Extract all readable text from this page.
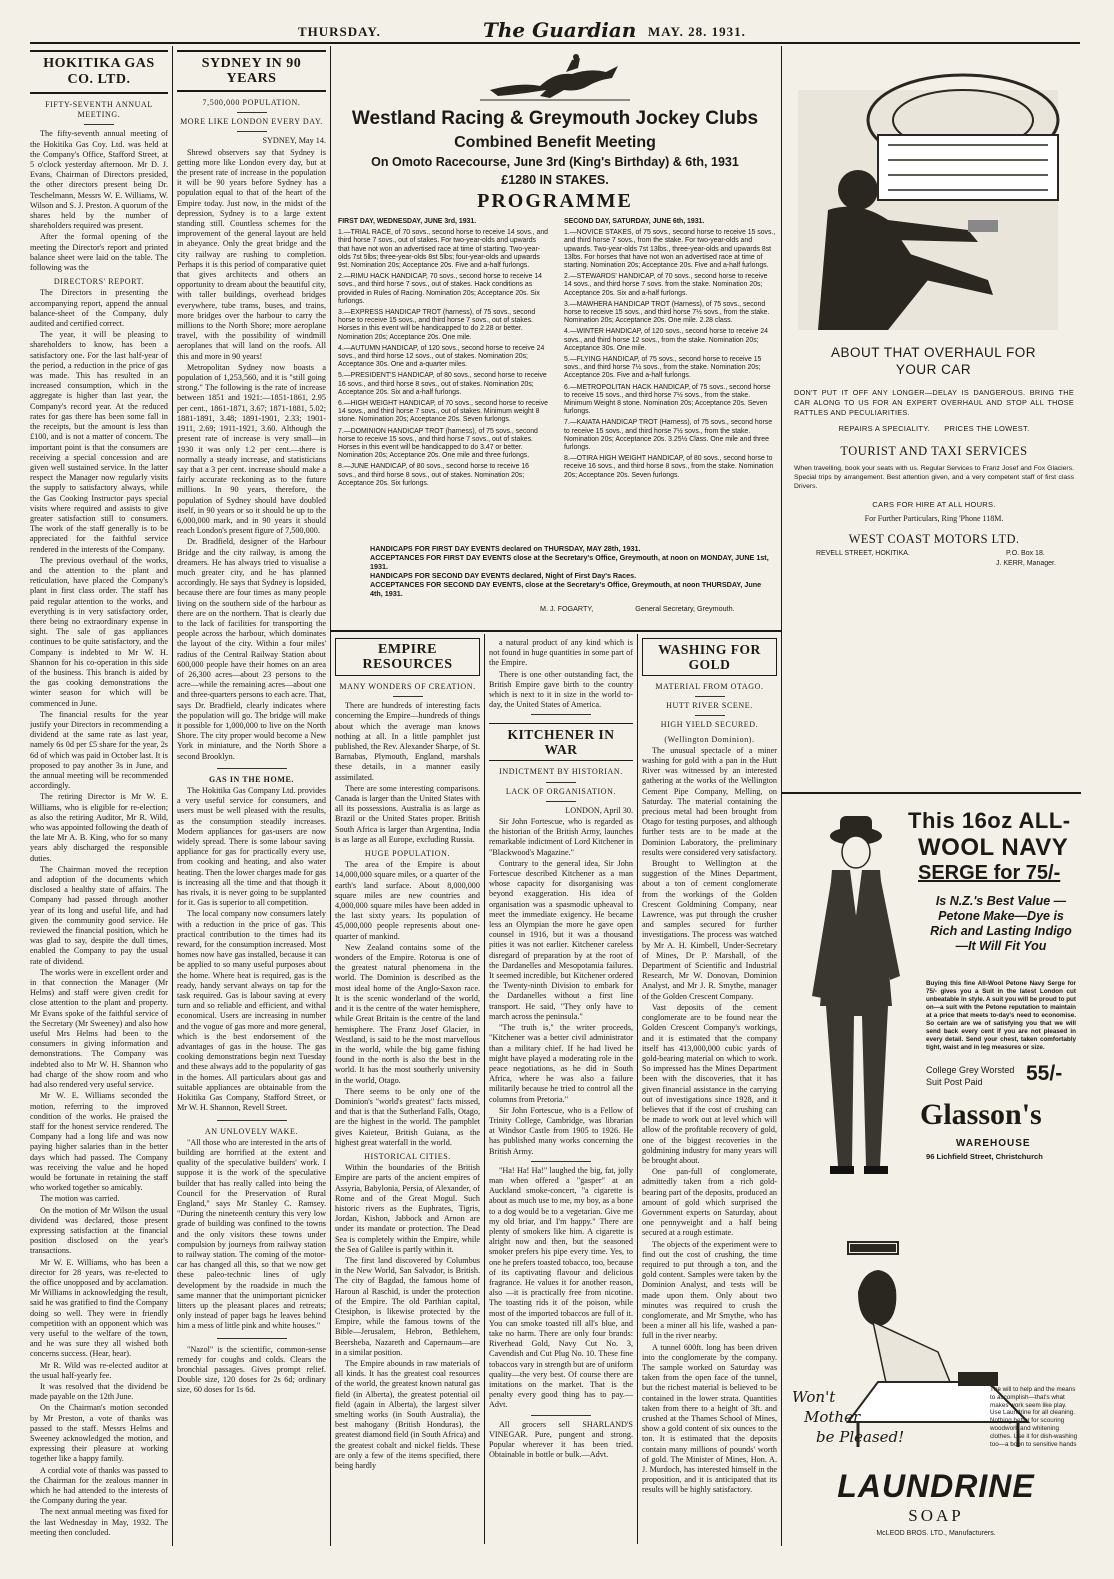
THURSDAY.	The Guardian MAY. 28. 1931.
HOKITIKA GAS CO. LTD.

FIFTY-SEVENTH ANNUAL MEETING.

The fifty-seventh annual meeting of the Hokitika Gas Coy. Ltd. was held at the Company's Office, Stafford Street, at 5 o'clock yesterday afternoon. Mr D. J. Evans, Chairman of Directors presided, the other directors present being Dr. Teschelmann, Messrs W. E. Williams, W. Wilson and S. J. Preston. A quorum of the shares held by the number of shareholders required was present.

After the formal opening of the meeting the Director's report and printed balance sheet were laid on the table. The following was the

DIRECTORS' REPORT.

The Directors in presenting the accompanying report, append the annual balance-sheet of the Company, duly audited and certified correct.

The year, it will be pleasing to shareholders to know, has been a satisfactory one. For the last half-year of the period, a reduction in the price of gas was made. This has resulted in an increased consumption, which in the aggregate is higher than last year, the Company's record year. At the reduced rates for gas there has been some fall in the receipts, but the amount is less than £100, and is not a matter of concern. The important point is that the consumers are receiving a special concession and are given well sustained service. In the latter respect the Manager now regularly visits the supply to satisfactory always, while the Gas Cooking Instructor pays special visits where required and assists to give greater satisfaction still to consumers. The work of the staff generally is to be appreciated for the faithful service rendered in the interests of the Company.

The previous overhaul of the works, and the attention to the plant and reticulation, have placed the Company's plant in first class order. The staff has paid regular attention to the works, and everything is in very satisfactory order, there being no extraordinary expense in sight. The sale of gas appliances continues to be quite satisfactory, and the Company is indebted to Mr W. H. Shannon for his co-operation in this side of the business. This branch is aided by the gas cooking demonstrations the winter season for which will be commenced in June.

The financial results for the year justify your Directors in recommending a dividend at the same rate as last year, namely 6s 0d per £5 share for the year, 2s 6d of which was paid in October last. It is proposed to pay another 3s in June, and the annual meeting will be recommended accordingly.

The retiring Director is Mr W. E. Williams, who is eligible for re-election; as also the retiring Auditor, Mr R. Wild, who was appointed following the death of the late Mr A. B. King, who for so many years ably discharged the responsible duties.

The Chairman moved the reception and adoption of the documents which disclosed a healthy state of affairs. The Company had passed through another year of its long and useful life, and had given the community good service. He reviewed the financial position, which he was glad to say, despite the dull times, enabled the Company to pay the usual rate of dividend.

The works were in excellent order and in that connection the Manager (Mr Helms) and staff were given credit for close attention to the plant and property. Mr Evans spoke of the faithful service of the Secretary (Mr Sweeney) and also how useful Mrs Helms had been to the consumers in giving information and demonstrations. The Company was indebted also to Mr W. H. Shannon who had charge of the show room and who had also rendered very useful service.

Mr W. E. Williams seconded the motion, referring to the improved condition of the works. He praised the staff for the honest service rendered. The Company had a long life and was now paying higher salaries than in the better days which had passed. The Company was receiving the value and he hoped would be fortunate in retaining the staff who worked together so amicably.

The motion was carried.

On the motion of Mr Wilson the usual dividend was declared, those present expressing satisfaction at the financial position disclosed on the year's transactions.

Mr W. E. Williams, who has been a director for 28 years, was re-elected to the office unopposed and by acclamation. Mr Williams in acknowledging the result, said he was gratified to find the Company doing so well. They were in friendly competition with an opponent which was very useful to the welfare of the town, and he was sure they all wished both concerns success. (Hear, hear).

Mr R. Wild was re-elected auditor at the usual half-yearly fee.

It was resolved that the dividend be made payable on the 12th June.

On the Chairman's motion seconded by Mr Preston, a vote of thanks was passed to the staff. Messrs Helms and Sweeney acknowledged the motion, and expressing their pleasure at working together like a happy family.

A cordial vote of thanks was passed to the Chairman for the zealous manner in which he had attended to the interests of the Company during the year.

The next annual meeting was fixed for the last Wednesday in May, 1932. The meeting then concluded.

SYDNEY IN 90 YEARS

7,500,000 POPULATION.

MORE LIKE LONDON EVERY DAY.

SYDNEY, May 14.

Shrewd observers say that Sydney is getting more like London every day, but at the present rate of increase in the population it will be 90 years before Sydney has a population equal to that of the heart of the Empire today. Just now, in the midst of the depression, Sydney is to a large extent standing still. Countless schemes for the improvement of the general layout are held in abeyance. Only the great bridge and the city railway are rushing to completion. Perhaps it is this period of comparative quiet that gives architects and others an opportunity to dream about the beautiful city, with taller buildings, overhead bridges everywhere, tube trams, buses, and trains, more bridges over the harbour to carry the millions to the North Shore; more aeroplane travel, with the possibility of windmill aeroplanes that will land on the roofs. All this and more in 90 years!

Metropolitan Sydney now boasts a population of 1,253,560, and it is "still going strong." The following is the rate of increase between 1851 and 1921:—1851-1861, 2.95 per cent., 1861-1871, 3.67; 1871-1881, 5.02; 1881-1891, 3.48; 1891-1901, 2.33; 1901-1911, 2.69; 1911-1921, 3.60. Although the present rate of increase is very small—in 1930 it was only 1.2 per cent.—there is normally a steady increase, and statisticians say that a 3 per cent. increase should make a fairly accurate reckoning as to the future millions. In 90 years, therefore, the population of Sydney should have doubled itself, in 90 years or so it should be up to the 6,000,000 mark, and in 90 years it should reach London's present figure of 7,500,000.

Dr. Bradfield, designer of the Harbour Bridge and the city railway, is among the dreamers. He has always tried to visualise a much greater city, and he has planned accordingly. He says that Sydney is lopsided, because there are four times as many people living on the southern side of the harbour as there are on the northern. That is clearly due to the lack of facilities for transporting the people across the harbour, which dominates the layout of the city. Within a four miles' radius of the Central Railway Station about 600,000 people have their homes on an area of 26,300 acres—about 23 persons to the acre—while the remaining acres—about one and three-quarters persons to each acre. That, says Dr. Bradfield, clearly indicates where the population will go. The bridge will make it possible for 1,000,000 to live on the North Shore. The city proper would become a New York in miniature, and the North Shore a second Brooklyn.

GAS IN THE HOME.

The Hokitika Gas Company Ltd. provides a very useful service for consumers, and users must be well pleased with the results, as the consumption steadily increases. Modern appliances for gas-users are now widely spread. There is some labour saving appliance for gas for practically every use, from cooking and heating, and also water heating. Then the lower charges made for gas is increasing all the time and that though it has rivals, it is never going to be supplanted for it. Gas is superior to all competition.

The local company now consumers lately with a reduction in the price of gas. This practical contribution to the times had its reward, for the consumption increased. Most homes now have gas installed, because it can be applied to so many useful purposes about the home. Where heat is required, gas is the ready, handy servant always on tap for the task required. Gas is labour saving at every turn and so reliable and efficient, and withal economical. Users are increasing in number and the vogue of gas more and more general, which is the best endorsement of the advantages of gas in the house. The gas cooking demonstrations begin next Tuesday and these always add to the popularity of gas in the homes. All particulars about gas and suitable appliances are obtainable from the Hokitika Gas Company, Stafford Street, or Mr W. H. Shannon, Revell Street.

AN UNLOVELY WAKE.

"All those who are interested in the arts of building are horrified at the extent and quality of the speculative builders' work. I suppose it is the work of the speculative builder that has really called into being the Council for the Preservation of Rural England," says Mr Stanley C. Ramsey. "During the nineteenth century this very low grade of building was confined to the towns and the only visitors these towns under compulsion by journeys from railway station to railway station. The coming of the motor-car has changed all this, so that we now get these paleo-technic lines of ugly development by the roadside in much the same manner that the unimportant picnicker litters up the pleasant places and retreats; only instead of paper bags he leaves behind him a mess of little pink and white houses."

"Nazol" is the scientific, common-sense remedy for coughs and colds. Clears the bronchial passages. Gives prompt relief. Double size, 120 doses for 2s 6d; ordinary size, 60 doses for 1s 6d.

Westland Racing & Greymouth Jockey Clubs
Combined Benefit Meeting
On Omoto Racecourse, June 3rd (King's Birthday) & 6th, 1931
£1280 IN STAKES.
PROGRAMME
FIRST DAY, WEDNESDAY, JUNE 3rd, 1931.
1.—TRIAL RACE, of 70 sovs., second horse to receive 14 sovs., and third horse 7 sovs., out of stakes. For two-year-olds and upwards that have not won an advertised race at time of starting. Two-year-olds 7st 5lbs; three-year-olds 8st 5lbs; four-year-olds and upwards 9st. Nomination 20s; Acceptance 20s. Five and a-half furlongs.
2.—RIMU HACK HANDICAP, 70 sovs., second horse to receive 14 sovs., and third horse 7 sovs., out of stakes. Hack conditions as provided in Rules of Racing. Nomination 20s; Acceptance 20s. Six furlongs.
3.—EXPRESS HANDICAP TROT (harness), of 75 sovs., second horse to receive 15 sovs., and third horse 7 sovs., out of stakes. Horses in this event will be handicapped to do 2.28 or better. Nomination 20s; Acceptance 20s. One mile.
4.—AUTUMN HANDICAP, of 120 sovs., second horse to receive 24 sovs., and third horse 12 sovs., out of stakes. Nomination 20s; Acceptance 30s. One and a-quarter miles.
5.—PRESIDENT'S HANDICAP, of 80 sovs., second horse to receive 16 sovs., and third horse 8 sovs., out of stakes. Nomination 20s; Acceptance 20s. Six and a-half furlongs.
6.—HIGH WEIGHT HANDICAP, of 70 sovs., second horse to receive 14 sovs., and third horse 7 sovs., out of stakes. Minimum weight 8 stone. Nomination 20s; Acceptance 20s. Seven furlongs.
7.—DOMINION HANDICAP TROT (harness), of 75 sovs., second horse to receive 15 sovs., and third horse 7 sovs., out of stakes. Horses in this event will be handicapped to do 3.47 or better. Nomination 20s; Acceptance 20s. One mile and three furlongs.
8.—JUNE HANDICAP, of 80 sovs., second horse to receive 16 sovs., and third horse 8 sovs., out of stakes. Nomination 20s; Acceptance 20s. Six furlongs.
SECOND DAY, SATURDAY, JUNE 6th, 1931.
1.—NOVICE STAKES, of 75 sovs., second horse to receive 15 sovs., and third horse 7 sovs., from the stake. For two-year-olds and upwards. Two-year-olds 7st 13lbs., three-year-olds and upwards 8st 13lbs. For horses that have not won an advertised race at time of starting. Nomination 20s; Acceptance 20s. Five and a-half furlongs.
2.—STEWARDS' HANDICAP, of 70 sovs., second horse to receive 14 sovs., and third horse 7 sovs. from the stake. Nomination 20s; Acceptance 20s. Six and a-half furlongs.
3.—MAWHERA HANDICAP TROT (Harness), of 75 sovs., second horse to receive 15 sovs., and third horse 7½ sovs., from the stake. Nomination 20s; Acceptance 20s. One mile. 2.28 class.
4.—WINTER HANDICAP, of 120 sovs., second horse to receive 24 sovs., and third horse 12 sovs., from the stake. Nomination 20s; Acceptance 30s. One mile.
5.—FLYING HANDICAP, of 75 sovs., second horse to receive 15 sovs., and third horse 7½ sovs., from the stake. Nomination 20s; Acceptance 20s. Five and a-half furlongs.
6.—METROPOLITAN HACK HANDICAP, of 75 sovs., second horse to receive 15 sovs., and third horse 7½ sovs., from the stake. Minimum Weight 8 stone. Nomination 20s; Acceptance 20s. Seven furlongs.
7.—KAIATA HANDICAP TROT (Harness), of 75 sovs., second horse to receive 15 sovs., and third horse 7½ sovs., from the stake. Nomination 20s; Acceptance 20s. 3.25½ Class. One mile and three furlongs.
8.—OTIRA HIGH WEIGHT HANDICAP, of 80 sovs., second horse to receive 16 sovs., and third horse 8 sovs., from the stake. Nomination 20s; Acceptance 20s. Seven furlongs.
HANDICAPS FOR FIRST DAY EVENTS declared on THURSDAY, MAY 28th, 1931.
ACCEPTANCES FOR FIRST DAY EVENTS close at the Secretary's Office, Greymouth, at noon on MONDAY, JUNE 1st, 1931.
HANDICAPS FOR SECOND DAY EVENTS declared, Night of First Day's Races.
ACCEPTANCES FOR SECOND DAY EVENTS, close at the Secretary's Office, Greymouth, at noon THURSDAY, June 4th, 1931.
M. J. FOGARTY,	General Secretary, Greymouth.
EMPIRE RESOURCES

MANY WONDERS OF CREATION.

There are hundreds of interesting facts concerning the Empire—hundreds of things about which the average man knows nothing at all. In a little pamphlet just published, the Rev. Alexander Sharpe, of St. Barnabas, Plymouth, England, marshals these details, in a manner easily assimilated.

There are some interesting comparisons. Canada is larger than the United States with all its possessions. Australia is as large as Brazil or the United States proper. British South Africa is larger than Argentina, India is as large as all Europe, excluding Russia.

HUGE POPULATION.

The area of the Empire is about 14,000,000 square miles, or a quarter of the earth's land surface. About 8,000,000 square miles are new countries and 4,000,000 square miles have been added in the last sixty years. Its population of 45,000,000 people represents about one-quarter of mankind.

New Zealand contains some of the wonders of the Empire. Rotorua is one of the greatest natural phenomena in the world. The Dominion is described as the most ideal home of the Anglo-Saxon race. It is the scenic wonderland of the world, and it is the centre of the water hemisphere, while Great Britain is the centre of the land hemisphere. The Franz Josef Glacier, in Westland, is said to be the most marvellous in the world, while the big game fishing found in the north is also the best in the world. It has the most southerly university in the world, Otago.

There seems to be only one of the Dominion's "world's greatest" facts missed, and that is that the Sutherland Falls, Otago, are the highest in the world. The pamphlet gives Kaieteur, British Guiana, as the highest great waterfall in the world.

HISTORICAL CITIES.

Within the boundaries of the British Empire are parts of the ancient empires of Assyria, Babylonia, Persia, of Alexander, of Rome and of the Great Mogul. Such historic rivers as the Euphrates, Tigris, Jordan, Kishon, Jabbock and Arnon are under its mandate or protection. The Dead Sea is completely within the Empire, while the Sea of Galilee is partly within it.

The first land discovered by Columbus in the New World, San Salvador, is British. The city of Bagdad, the famous home of Haroun al Raschid, is under the protection of the Empire. The old Parthian capital, Ctesiphon, is likewise protected by the Empire, while the famous towns of the Bible—Jerusalem, Hebron, Bethlehem, Beersheba, Nazareth and Capernaum—are in a similar position.

The Empire abounds in raw materials of all kinds. It has the greatest coal resources of the world, the greatest known natural gas field (in Alberta), the greatest potential oil field (again in Alberta), the largest silver smelting works (in South Australia), the best mahogany (British Honduras), the greatest diamond field (in South Africa) and the greatest cobalt and nickel fields. These are only a few of the items specified, there being hardly

a natural product of any kind which is not found in huge quantities in some part of the Empire.

There is one other outstanding fact, the British Empire gave birth to the country which is next to it in size in the world to-day, the United States of America.

KITCHENER IN WAR

INDICTMENT BY HISTORIAN.

LACK OF ORGANISATION.

LONDON, April 30.

Sir John Fortescue, who is regarded as the historian of the British Army, launches remarkable indictment of Lord Kitchener in "Blackwood's Magazine."

Contrary to the general idea, Sir John Fortescue described Kitchener as a man whose capacity for disorganising was beyond exaggeration. His idea of organisation was a spasmodic upheaval to meet the immediate exigency. He became less an Olympian the more he gave open counsel in 1916, but it was a thousand pities it was not earlier. Kitchener careless disregard of preparation by at the root of the Dardanelles and Mesopotamia failures. It seemed incredible, but Kitchener ordered the Twenty-ninth Division to embark for the Dardanelles without a first line transport. He said, "They only have to march across the peninsula."

"The truth is," the writer proceeds, "Kitchener was a better civil administrator than a military chief. If he had lived he might have played a moderating role in the peace negotiations, as he did in South Africa, where he was also a failure militarily because he tried to control all the columns from Pretoria."

Sir John Fortescue, who is a Fellow of Trinity College, Cambridge, was librarian at Windsor Castle from 1905 to 1926. He has published many works concerning the British Army.

"Ha! Ha! Ha!" laughed the big, fat, jolly man when offered a "gasper" at an Auckland smoke-concert, "a cigarette is about as much use to me, my boy, as a bone to a dog would be to a vegetarian. Give me my old briar, and I'm happy." There are plenty of smokers like him. A cigarette is alright now and then, but the seasoned smoker prefers his pipe every time. Yes, to one he prefers toasted tobacco, too, because of its captivating flavour and delicious fragrance. He values it for another reason, also —it is practically free from nicotine. The toasting rids it of the poison, while most of the imported tobaccos are full of it. You can smoke toasted till all's blue, and take no harm. There are only four brands: Riverhead Gold, Navy Cut No. 3, Cavendish and Cut Plug No. 10. These fine tobaccos vary in strength but are of uniform quality—the very best. Of course there are imitations on the market. That is the penalty every good thing has to pay.—Advt.

All grocers sell SHARLAND'S VINEGAR. Pure, pungent and strong. Popular wherever it has been tried. Obtainable in bottle or bulk.—Advt.

WASHING FOR GOLD

MATERIAL FROM OTAGO.

HUTT RIVER SCENE.

HIGH YIELD SECURED.

(Wellington Dominion).

The unusual spectacle of a miner washing for gold with a pan in the Hutt River was witnessed by an interested gathering at the works of the Wellington Cement Pipe Company, Melling, on Saturday. The material containing the precious metal had been brought from Otago for testing purposes, and although further tests are to be made at the Dominion Laboratory, the preliminary results were considered very satisfactory.

Brought to Wellington at the suggestion of the Mines Department, about a ton of cement conglomerate from the workings of the Golden Crescent Goldmining Company, near Lawrence, was put through the crusher and samples secured for further investigations. The process was watched by Mr A. H. Kimbell, Under-Secretary of Mines, Dr P. Marshall, of the Department of Scientific and Industrial Research, Mr W. Donovan, Dominion Analyst, and Mr J. R. Smythe, manager of the Golden Crescent Company.

Vast deposits of the cement conglomerate are to be found near the Golden Crescent Company's workings, and it is estimated that the company itself has 413,000,000 cubic yards of gold-bearing material on which to work. So impressed has the Mines Department been with the discoveries, that it has given financial assistance in the carrying out of investigations since 1928, and it believes that if the cost of crushing can be made to work out at level which will allow of the profitable recovery of gold, one of the biggest recoveries in the goldmining industry for many years will be brought about.

One pan-full of conglomerate, admittedly taken from a rich gold-bearing part of the deposits, produced an amount of gold which surprised the Government experts on Saturday, about one pennyweight and a half being secured at a rough estimate.

The objects of the experiment were to find out the cost of crushing, the time required to put through a ton, and the gold content. Samples were taken by the Dominion Analyst, and tests will be made upon them. Only about two minutes was required to crush the conglomerate, and Mr Smythe, who has been a miner all his life, washed a pan-full in the river nearby.

A tunnel 600ft. long has been driven into the conglomerate by the company. The sample worked on Saturday was taken from the open face of the tunnel, but the richest material is believed to be contained in the lower strata. Quantities taken from there to a height of 3ft. and crushed at the Thames School of Mines, show a gold content of six ounces to the ton. It is estimated that the deposits contain many millions of pounds' worth of gold. The Minister of Mines, Hon. A. J. Murdoch, has interested himself in the proposition, and it is anticipated that its results will be highly satisfactory.

ABOUT THAT OVERHAUL FOR YOUR CAR
DON'T PUT IT OFF ANY LONGER—DELAY IS DANGEROUS. BRING THE CAR ALONG TO US FOR AN EXPERT OVERHAUL AND STOP ALL THOSE RATTLES AND PECULIARITIES.
REPAIRS A SPECIALITY.      PRICES THE LOWEST.
TOURIST AND TAXI SERVICES
When travelling, book your seats with us. Regular Services to Franz Josef and Fox Glaciers. Special trips by arrangement. Best attention given, and a very competent staff of first class Drivers.
CARS FOR HIRE AT ALL HOURS.
For Further Particulars, Ring 'Phone 118M.
WEST COAST MOTORS LTD.
REVELL STREET, HOKITIKA.	P.O. Box 18.
J. KERR, Manager.
This 16oz ALL-
WOOL NAVY
SERGE for 75/-
Is N.Z.'s Best Value —Petone Make—Dye is Rich and Lasting Indigo—It Will Fit You
Buying this fine All-Wool Petone Navy Serge for 75/- gives you a Suit in the latest London cut unbeatable in style. A suit you will be proud to put on—a suit with the Petone reputation to maintain at a price that meets to-day's need to economise. So certain are we of satisfying you that we will send back every cent if you are not pleased in every detail. Send your chest, taken comfortably tight, waist and in leg measures or size.
College Grey Worsted Suit Post Paid	55/-
Glasson's
WAREHOUSE
96 Lichfield Street, Christchurch
Won't
Mother
be Pleased!
The will to help and the means to accomplish—that's what makes work seem like play. Use Laundrine for all cleaning. Nothing better for scouring woodwork and whitening clothes. Use it for dish-washing too—a boon to sensitive hands
LAUNDRINE
SOAP
McLEOD BROS. LTD., Manufacturers.
